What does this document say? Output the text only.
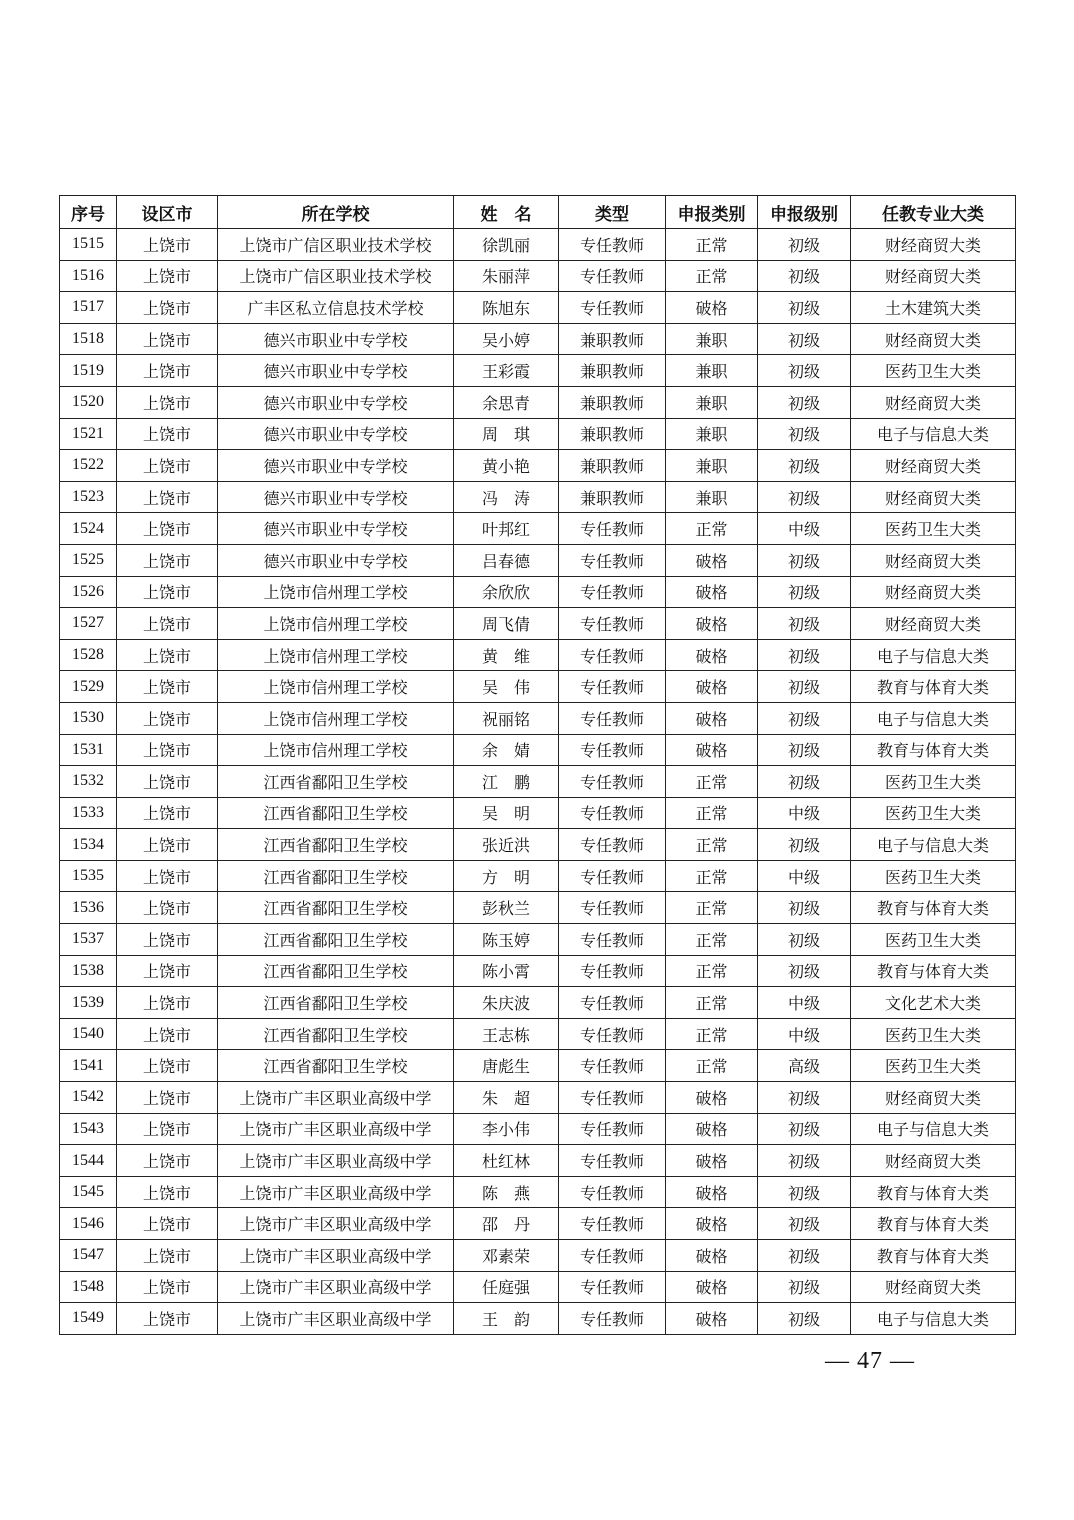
序号	设区市	所在学校	姓　名	类型	申报类别	申报级别	任教专业大类
1515	上饶市	上饶市广信区职业技术学校	徐凯丽	专任教师	正常	初级	财经商贸大类
1516	上饶市	上饶市广信区职业技术学校	朱丽萍	专任教师	正常	初级	财经商贸大类
1517	上饶市	广丰区私立信息技术学校	陈旭东	专任教师	破格	初级	土木建筑大类
1518	上饶市	德兴市职业中专学校	吴小婷	兼职教师	兼职	初级	财经商贸大类
1519	上饶市	德兴市职业中专学校	王彩霞	兼职教师	兼职	初级	医药卫生大类
1520	上饶市	德兴市职业中专学校	余思青	兼职教师	兼职	初级	财经商贸大类
1521	上饶市	德兴市职业中专学校	周　琪	兼职教师	兼职	初级	电子与信息大类
1522	上饶市	德兴市职业中专学校	黄小艳	兼职教师	兼职	初级	财经商贸大类
1523	上饶市	德兴市职业中专学校	冯　涛	兼职教师	兼职	初级	财经商贸大类
1524	上饶市	德兴市职业中专学校	叶邦红	专任教师	正常	中级	医药卫生大类
1525	上饶市	德兴市职业中专学校	吕春德	专任教师	破格	初级	财经商贸大类
1526	上饶市	上饶市信州理工学校	余欣欣	专任教师	破格	初级	财经商贸大类
1527	上饶市	上饶市信州理工学校	周飞倩	专任教师	破格	初级	财经商贸大类
1528	上饶市	上饶市信州理工学校	黄　维	专任教师	破格	初级	电子与信息大类
1529	上饶市	上饶市信州理工学校	吴　伟	专任教师	破格	初级	教育与体育大类
1530	上饶市	上饶市信州理工学校	祝丽铭	专任教师	破格	初级	电子与信息大类
1531	上饶市	上饶市信州理工学校	余　婧	专任教师	破格	初级	教育与体育大类
1532	上饶市	江西省鄱阳卫生学校	江　鹏	专任教师	正常	初级	医药卫生大类
1533	上饶市	江西省鄱阳卫生学校	吴　明	专任教师	正常	中级	医药卫生大类
1534	上饶市	江西省鄱阳卫生学校	张近洪	专任教师	正常	初级	电子与信息大类
1535	上饶市	江西省鄱阳卫生学校	方　明	专任教师	正常	中级	医药卫生大类
1536	上饶市	江西省鄱阳卫生学校	彭秋兰	专任教师	正常	初级	教育与体育大类
1537	上饶市	江西省鄱阳卫生学校	陈玉婷	专任教师	正常	初级	医药卫生大类
1538	上饶市	江西省鄱阳卫生学校	陈小霄	专任教师	正常	初级	教育与体育大类
1539	上饶市	江西省鄱阳卫生学校	朱庆波	专任教师	正常	中级	文化艺术大类
1540	上饶市	江西省鄱阳卫生学校	王志栋	专任教师	正常	中级	医药卫生大类
1541	上饶市	江西省鄱阳卫生学校	唐彪生	专任教师	正常	高级	医药卫生大类
1542	上饶市	上饶市广丰区职业高级中学	朱　超	专任教师	破格	初级	财经商贸大类
1543	上饶市	上饶市广丰区职业高级中学	李小伟	专任教师	破格	初级	电子与信息大类
1544	上饶市	上饶市广丰区职业高级中学	杜红林	专任教师	破格	初级	财经商贸大类
1545	上饶市	上饶市广丰区职业高级中学	陈　燕	专任教师	破格	初级	教育与体育大类
1546	上饶市	上饶市广丰区职业高级中学	邵　丹	专任教师	破格	初级	教育与体育大类
1547	上饶市	上饶市广丰区职业高级中学	邓素荣	专任教师	破格	初级	教育与体育大类
1548	上饶市	上饶市广丰区职业高级中学	任庭强	专任教师	破格	初级	财经商贸大类
1549	上饶市	上饶市广丰区职业高级中学	王　韵	专任教师	破格	初级	电子与信息大类
— 47 —
